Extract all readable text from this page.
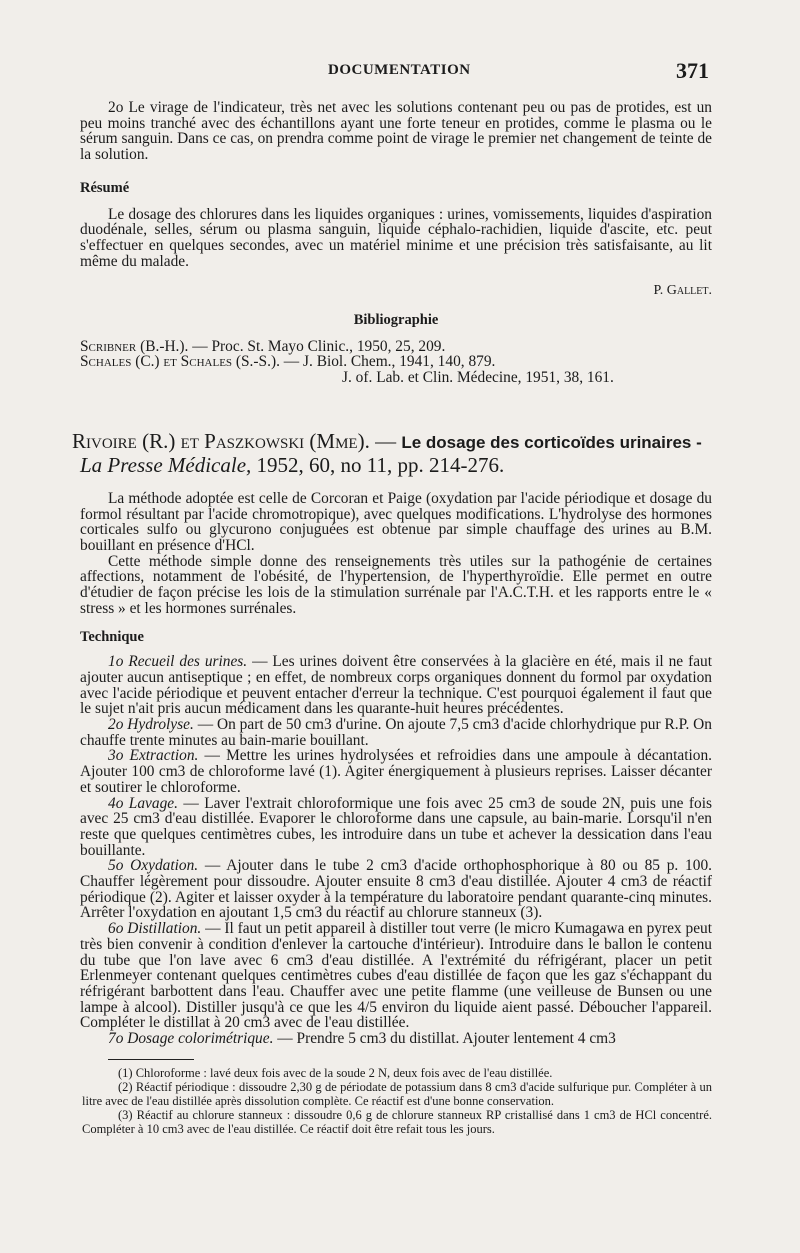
DOCUMENTATION	371

2o Le virage de l'indicateur, très net avec les solutions contenant peu ou pas de protides, est un peu moins tranché avec des échantillons ayant une forte teneur en protides, comme le plasma ou le sérum sanguin. Dans ce cas, on prendra comme point de virage le premier net changement de teinte de la solution.

Résumé

Le dosage des chlorures dans les liquides organiques : urines, vomissements, liquides d'aspiration duodénale, selles, sérum ou plasma sanguin, liquide céphalo-rachidien, liquide d'ascite, etc. peut s'effectuer en quelques secondes, avec un matériel minime et une précision très satisfaisante, au lit même du malade.

P. Gallet.

Bibliographie

Scribner (B.-H.). — Proc. St. Mayo Clinic., 1950, 25, 209.

Schales (C.) et Schales (S.-S.). — J. Biol. Chem., 1941, 140, 879.

J. of. Lab. et Clin. Médecine, 1951, 38, 161.

Rivoire (R.) et Paszkowski (Mme). — Le dosage des corticoïdes urinaires -
La Presse Médicale, 1952, 60, no 11, pp. 214-276.

La méthode adoptée est celle de Corcoran et Paige (oxydation par l'acide périodique et dosage du formol résultant par l'acide chromotropique), avec quelques modifications. L'hydrolyse des hormones corticales sulfo ou glycurono conjuguées est obtenue par simple chauffage des urines au B.M. bouillant en présence d'HCl.

Cette méthode simple donne des renseignements très utiles sur la pathogénie de certaines affections, notamment de l'obésité, de l'hypertension, de l'hyperthyroïdie. Elle permet en outre d'étudier de façon précise les lois de la stimulation surrénale par l'A.C.T.H. et les rapports entre le « stress » et les hormones surrénales.

Technique

1o Recueil des urines. — Les urines doivent être conservées à la glacière en été, mais il ne faut ajouter aucun antiseptique ; en effet, de nombreux corps organiques donnent du formol par oxydation avec l'acide périodique et peuvent entacher d'erreur la technique. C'est pourquoi également il faut que le sujet n'ait pris aucun médicament dans les quarante-huit heures précédentes.

2o Hydrolyse. — On part de 50 cm3 d'urine. On ajoute 7,5 cm3 d'acide chlorhydrique pur R.P. On chauffe trente minutes au bain-marie bouillant.

3o Extraction. — Mettre les urines hydrolysées et refroidies dans une ampoule à décantation. Ajouter 100 cm3 de chloroforme lavé (1). Agiter énergiquement à plusieurs reprises. Laisser décanter et soutirer le chloroforme.

4o Lavage. — Laver l'extrait chloroformique une fois avec 25 cm3 de soude 2N, puis une fois avec 25 cm3 d'eau distillée. Evaporer le chloroforme dans une capsule, au bain-marie. Lorsqu'il n'en reste que quelques centimètres cubes, les introduire dans un tube et achever la dessication dans l'eau bouillante.

5o Oxydation. — Ajouter dans le tube 2 cm3 d'acide orthophosphorique à 80 ou 85 p. 100. Chauffer légèrement pour dissoudre. Ajouter ensuite 8 cm3 d'eau distillée. Ajouter 4 cm3 de réactif périodique (2). Agiter et laisser oxyder à la température du laboratoire pendant quarante-cinq minutes. Arrêter l'oxydation en ajoutant 1,5 cm3 du réactif au chlorure stanneux (3).

6o Distillation. — Il faut un petit appareil à distiller tout verre (le micro Kumagawa en pyrex peut très bien convenir à condition d'enlever la cartouche d'intérieur). Introduire dans le ballon le contenu du tube que l'on lave avec 6 cm3 d'eau distillée. A l'extrémité du réfrigérant, placer un petit Erlenmeyer contenant quelques centimètres cubes d'eau distillée de façon que les gaz s'échappant du réfrigérant barbottent dans l'eau. Chauffer avec une petite flamme (une veilleuse de Bunsen ou une lampe à alcool). Distiller jusqu'à ce que les 4/5 environ du liquide aient passé. Déboucher l'appareil. Compléter le distillat à 20 cm3 avec de l'eau distillée.

7o Dosage colorimétrique. — Prendre 5 cm3 du distillat. Ajouter lentement 4 cm3

(1) Chloroforme : lavé deux fois avec de la soude 2 N, deux fois avec de l'eau distillée.

(2) Réactif périodique : dissoudre 2,30 g de périodate de potassium dans 8 cm3 d'acide sulfurique pur. Compléter à un litre avec de l'eau distillée après dissolution complète. Ce réactif est d'une bonne conservation.

(3) Réactif au chlorure stanneux : dissoudre 0,6 g de chlorure stanneux RP cristallisé dans 1 cm3 de HCl concentré. Compléter à 10 cm3 avec de l'eau distillée. Ce réactif doit être refait tous les jours.
